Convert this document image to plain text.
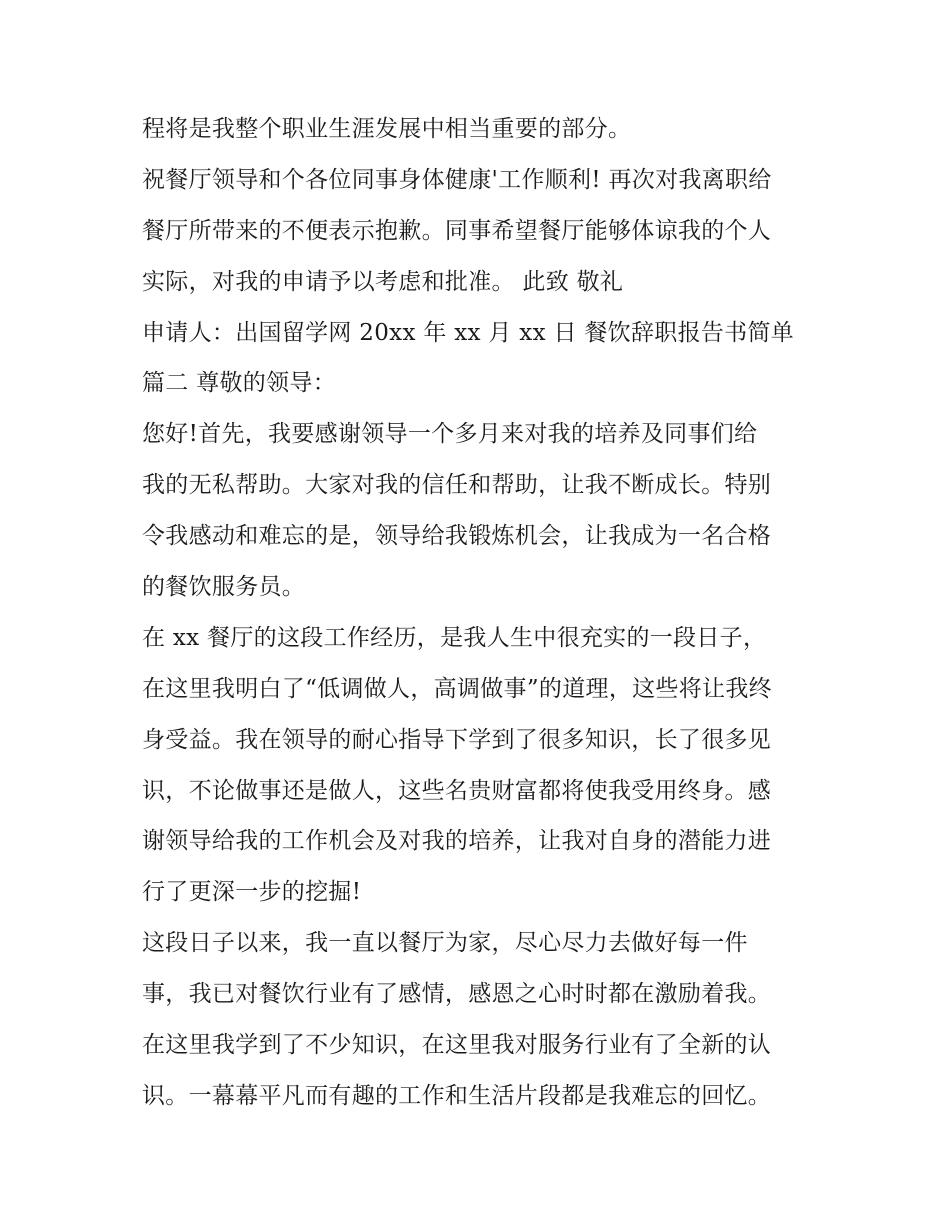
程将是我整个职业生涯发展中相当重要的部分。
祝餐厅领导和个各位同事身体健康'工作顺利! 再次对我离职给
餐厅所带来的不便表示抱歉。同事希望餐厅能够体谅我的个人
实际，对我的申请予以考虑和批准。 此致 敬礼
申请人：出国留学网 20xx 年 xx 月 xx 日 餐饮辞职报告书简单
篇二 尊敬的领导：
您好!首先，我要感谢领导一个多月来对我的培养及同事们给
我的无私帮助。大家对我的信任和帮助，让我不断成长。特别
令我感动和难忘的是，领导给我锻炼机会，让我成为一名合格
的餐饮服务员。
在 xx 餐厅的这段工作经历，是我人生中很充实的一段日子，
在这里我明白了“低调做人，高调做事”的道理，这些将让我终
身受益。我在领导的耐心指导下学到了很多知识，长了很多见
识，不论做事还是做人，这些名贵财富都将使我受用终身。感
谢领导给我的工作机会及对我的培养，让我对自身的潜能力进
行了更深一步的挖掘!
这段日子以来，我一直以餐厅为家，尽心尽力去做好每一件
事，我已对餐饮行业有了感情，感恩之心时时都在激励着我。
在这里我学到了不少知识，在这里我对服务行业有了全新的认
识。一幕幕平凡而有趣的工作和生活片段都是我难忘的回忆。
